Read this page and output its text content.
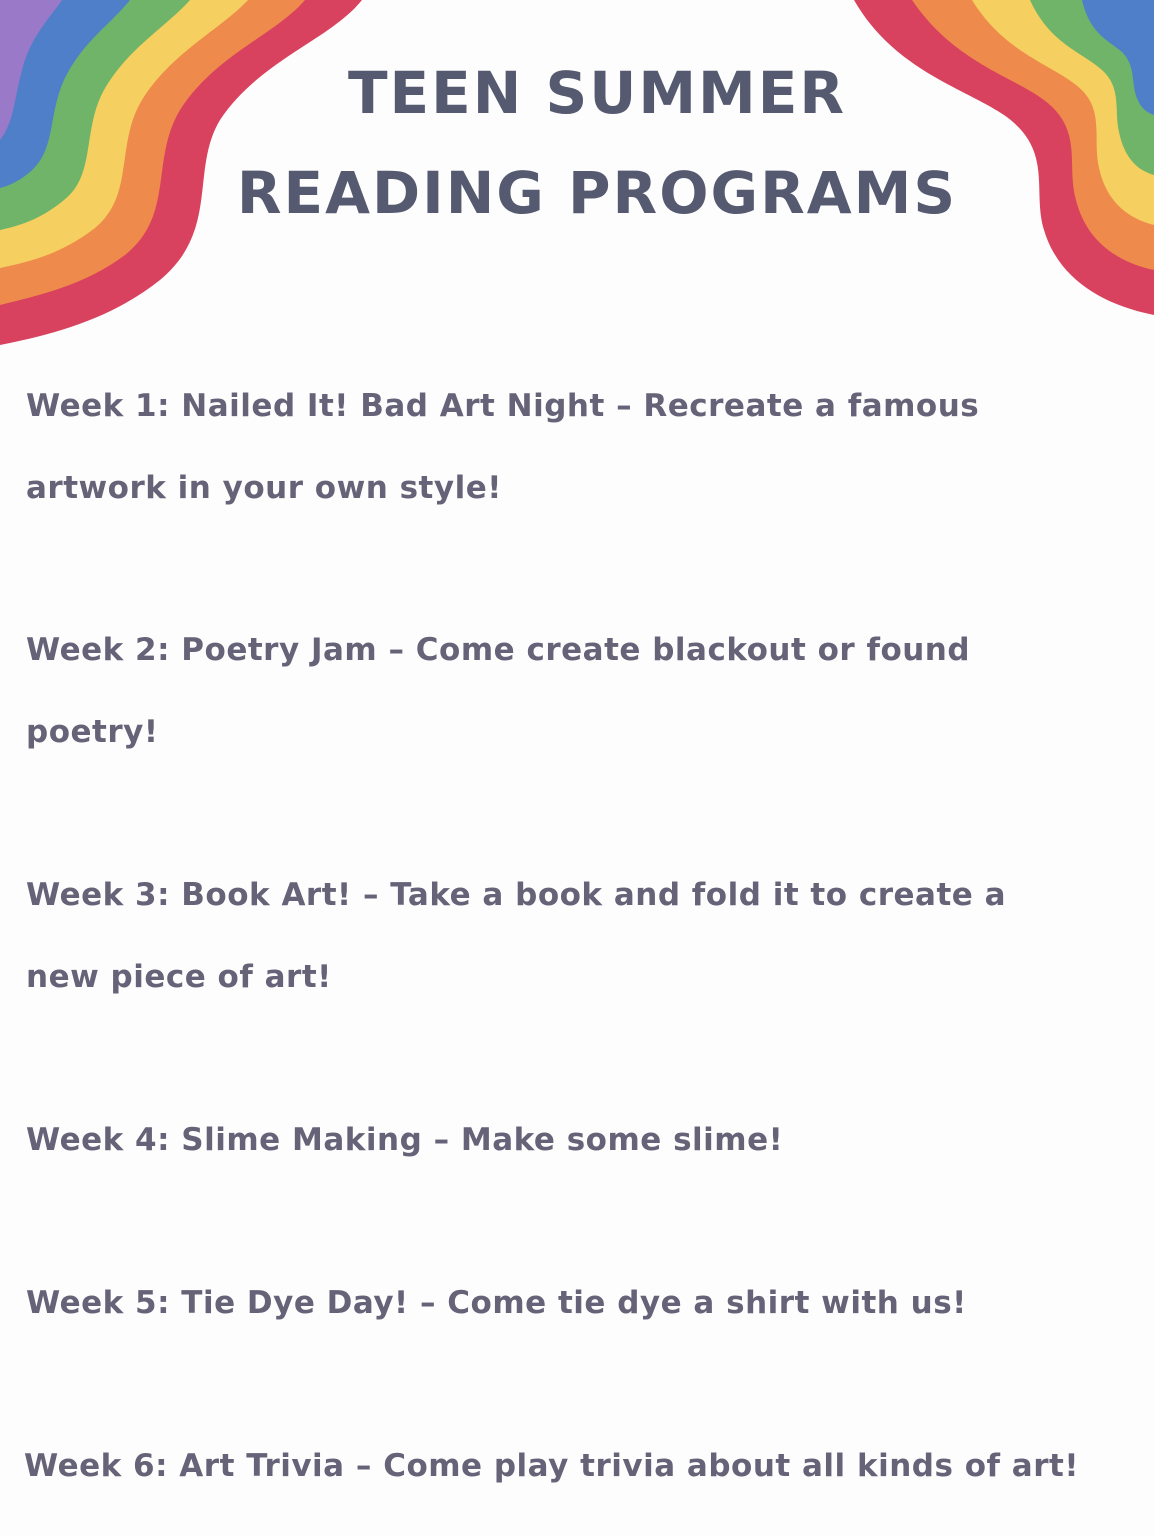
TEEN SUMMER
READING PROGRAMS

Week 1: Nailed It! Bad Art Night – Recreate a famous
artwork in your own style!

Week 2: Poetry Jam – Come create blackout or found
poetry!

Week 3: Book Art! – Take a book and fold it to create a
new piece of art!

Week 4: Slime Making – Make some slime!

Week 5: Tie Dye Day! – Come tie dye a shirt with us!

Week 6: Art Trivia – Come play trivia about all kinds of art!
